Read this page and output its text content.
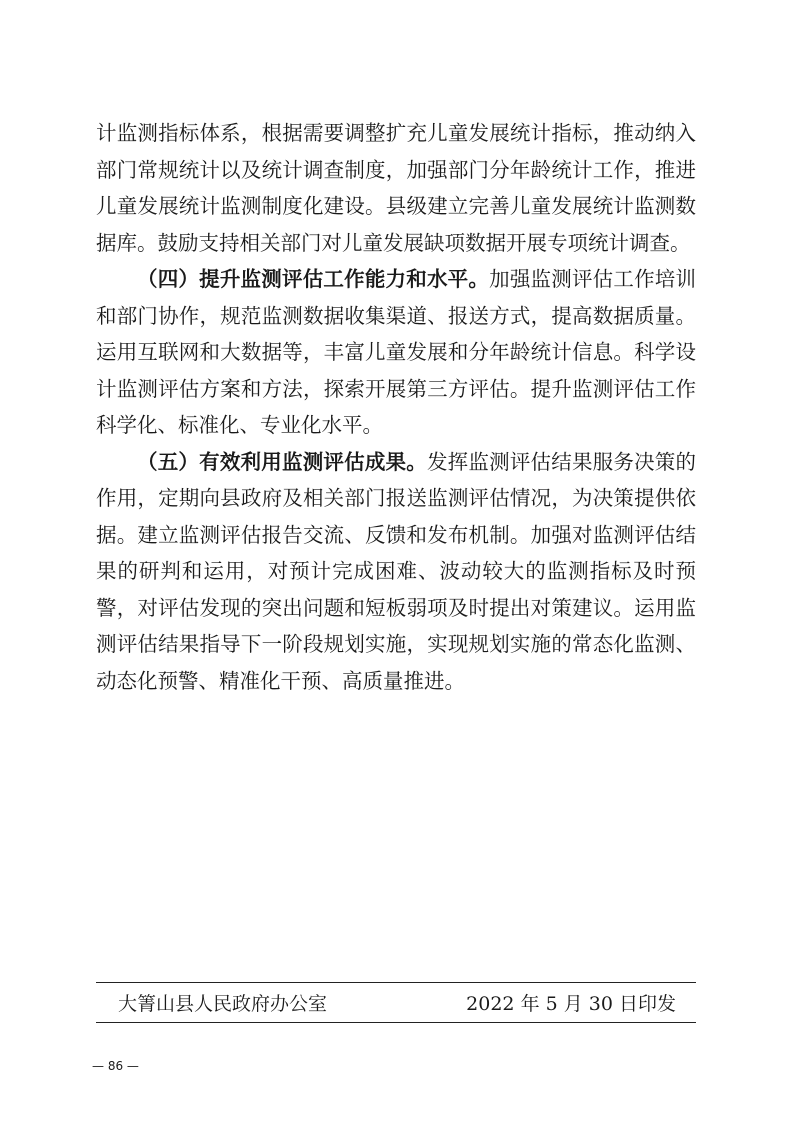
计监测指标体系，根据需要调整扩充儿童发展统计指标，推动纳入部门常规统计以及统计调查制度，加强部门分年龄统计工作，推进儿童发展统计监测制度化建设。县级建立完善儿童发展统计监测数据库。鼓励支持相关部门对儿童发展缺项数据开展专项统计调查。

（四）提升监测评估工作能力和水平。加强监测评估工作培训和部门协作，规范监测数据收集渠道、报送方式，提高数据质量。运用互联网和大数据等，丰富儿童发展和分年龄统计信息。科学设计监测评估方案和方法，探索开展第三方评估。提升监测评估工作科学化、标准化、专业化水平。

（五）有效利用监测评估成果。发挥监测评估结果服务决策的作用，定期向县政府及相关部门报送监测评估情况，为决策提供依据。建立监测评估报告交流、反馈和发布机制。加强对监测评估结果的研判和运用，对预计完成困难、波动较大的监测指标及时预警，对评估发现的突出问题和短板弱项及时提出对策建议。运用监测评估结果指导下一阶段规划实施，实现规划实施的常态化监测、动态化预警、精准化干预、高质量推进。

大箐山县人民政府办公室	2022 年 5 月 30 日印发
— 86 —
